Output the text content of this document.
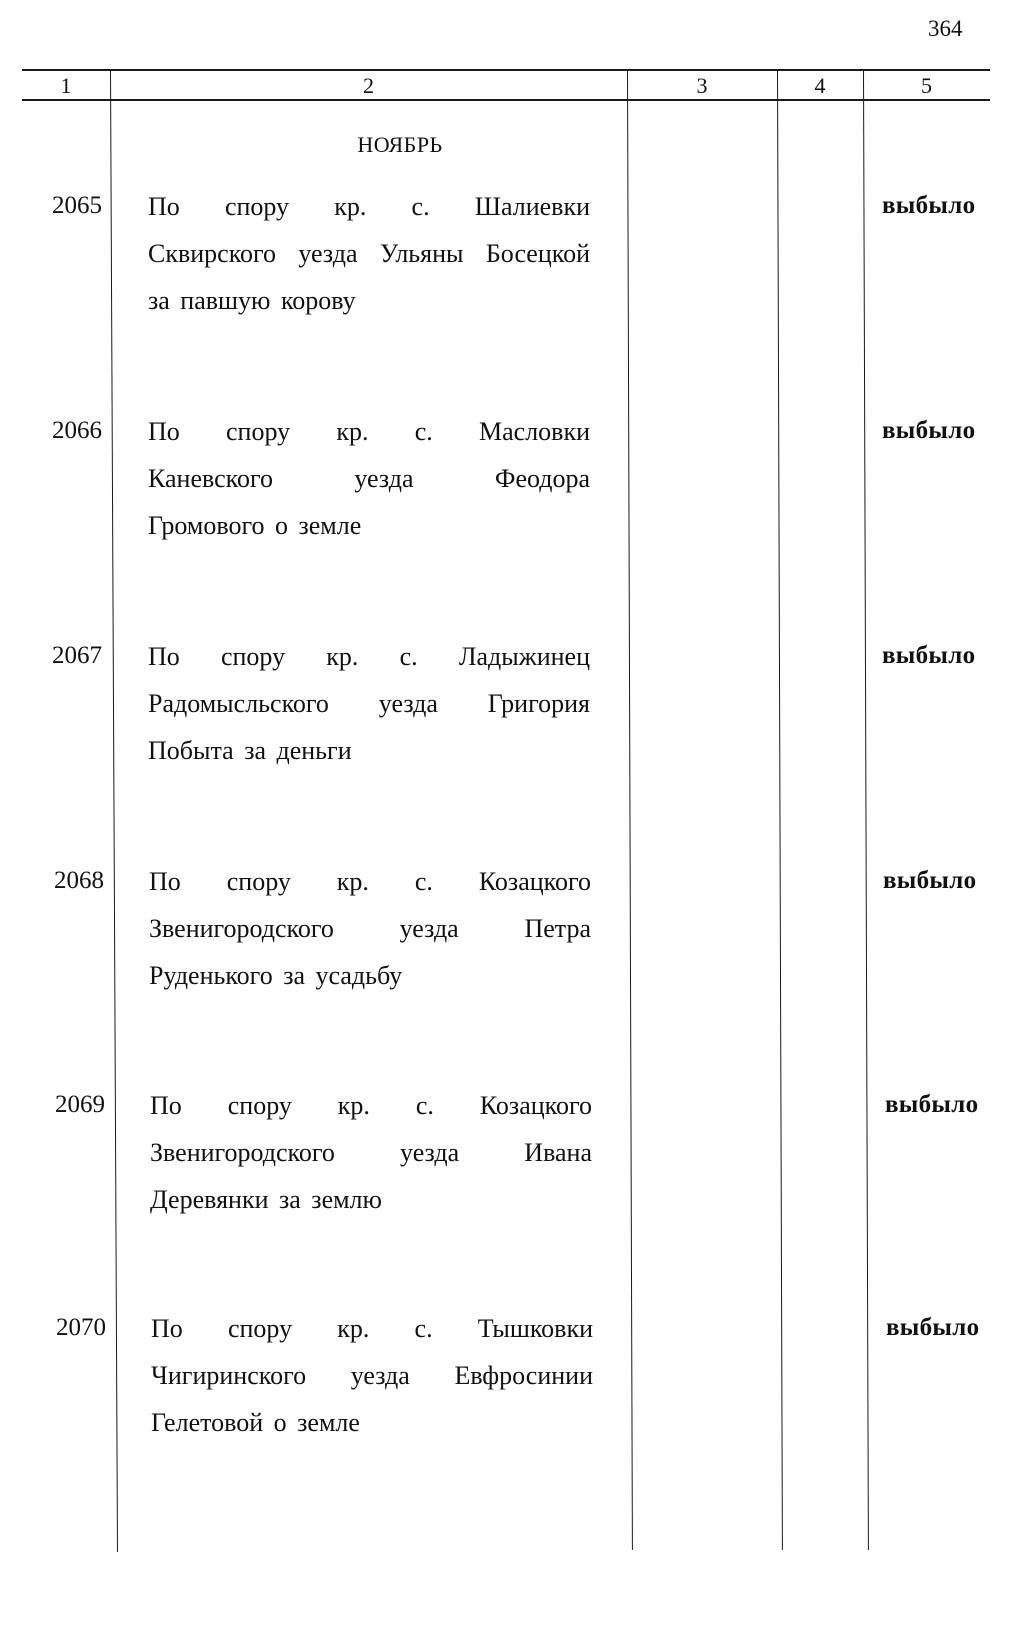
364
1	2	3	4	5
НОЯБРЬ
2065 По спору кр. с. Шалиевки
Сквирского уезда Ульяны Босецкой
за павшую корову
выбыло
2066 По спору кр. с. Масловки
Каневского уезда Феодора
Громового о земле
выбыло
2067 По спору кр. с. Ладыжинец
Радомысльского уезда Григория
Побыта за деньги
выбыло
2068 По спору кр. с. Козацкого
Звенигородского уезда Петра
Руденького за усадьбу
выбыло
2069 По спору кр. с. Козацкого
Звенигородского уезда Ивана
Деревянки за землю
выбыло
2070 По спору кр. с. Тышковки
Чигиринского уезда Евфросинии
Гелетовой о земле
выбыло
